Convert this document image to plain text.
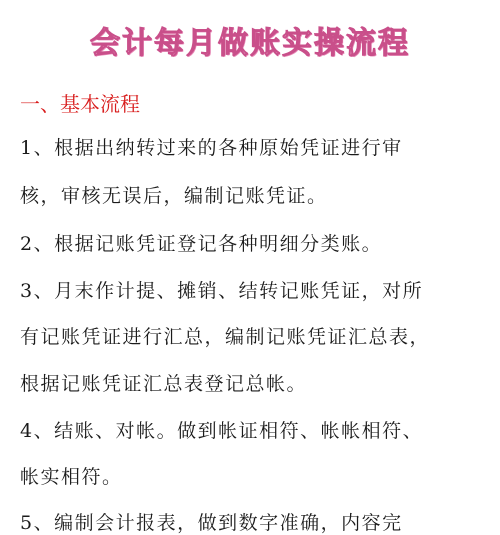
会计每月做账实操流程
一、基本流程
1、根据出纳转过来的各种原始凭证进行审
核，审核无误后，编制记账凭证。
2、根据记账凭证登记各种明细分类账。
3、月末作计提、摊销、结转记账凭证，对所
有记账凭证进行汇总，编制记账凭证汇总表，
根据记账凭证汇总表登记总帐。
4、结账、对帐。做到帐证相符、帐帐相符、
帐实相符。
5、编制会计报表，做到数字准确，内容完
